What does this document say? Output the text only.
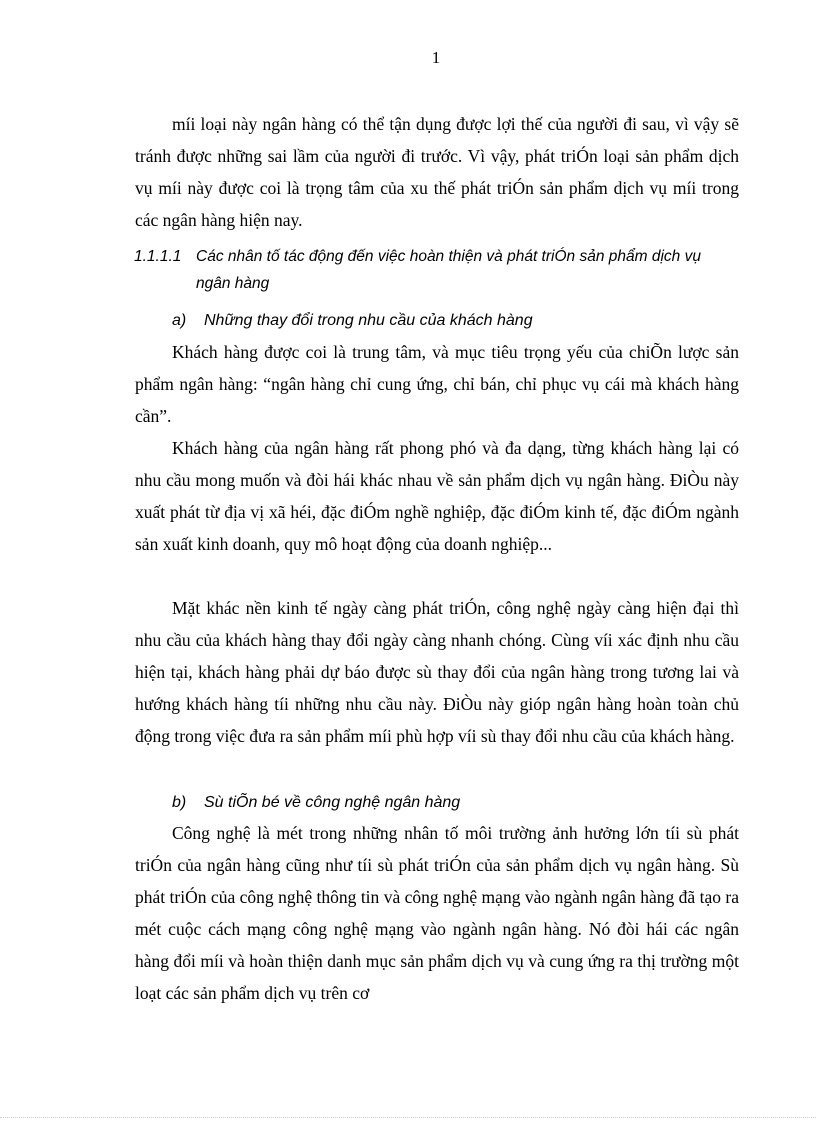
1
míi loại này ngân hàng có thể tận dụng được lợi thế của người đi sau, vì vậy sẽ tránh được những sai lầm của người đi trước. Vì vậy, phát triÓn loại sản phẩm dịch vụ míi này được coi là trọng tâm của xu thế phát triÓn sản phẩm dịch vụ míi trong các ngân hàng hiện nay.
1.1.1.1 Các nhân tố tác động đến việc hoàn thiện và phát triÓn sản phẩm dịch vụ ngân hàng
a) Những thay đổi trong nhu cầu của khách hàng
Khách hàng được coi là trung tâm, và mục tiêu trọng yếu của chiÕn lược sản phẩm ngân hàng: “ngân hàng chỉ cung ứng, chỉ bán, chỉ phục vụ cái mà khách hàng cần”.
Khách hàng của ngân hàng rất phong phó và đa dạng, từng khách hàng lại có nhu cầu mong muốn và đòi hái khác nhau về sản phẩm dịch vụ ngân hàng. ĐiÒu này xuất phát từ địa vị xã héi, đặc điÓm nghề nghiệp, đặc điÓm kinh tế, đặc điÓm ngành sản xuất kinh doanh, quy mô hoạt động của doanh nghiệp...
Mặt khác nền kinh tế ngày càng phát triÓn, công nghệ ngày càng hiện đại thì nhu cầu của khách hàng thay đổi ngày càng nhanh chóng. Cùng víi xác định nhu cầu hiện tại, khách hàng phải dự báo được sù thay đổi của ngân hàng trong tương lai và hướng khách hàng tíi những nhu cầu này. ĐiÒu này gióp ngân hàng hoàn toàn chủ động trong việc đưa ra sản phẩm míi phù hợp víi sù thay đổi nhu cầu của khách hàng.
b) Sù tiÕn bé về công nghệ ngân hàng
Công nghệ là mét trong những nhân tố môi trường ảnh hưởng lớn tíi sù phát triÓn của ngân hàng cũng như tíi sù phát triÓn của sản phẩm dịch vụ ngân hàng. Sù phát triÓn của công nghệ thông tin và công nghệ mạng vào ngành ngân hàng đã tạo ra mét cuộc cách mạng công nghệ mạng vào ngành ngân hàng. Nó đòi hái các ngân hàng đổi míi và hoàn thiện danh mục sản phẩm dịch vụ và cung ứng ra thị trường một loạt các sản phẩm dịch vụ trên cơ
